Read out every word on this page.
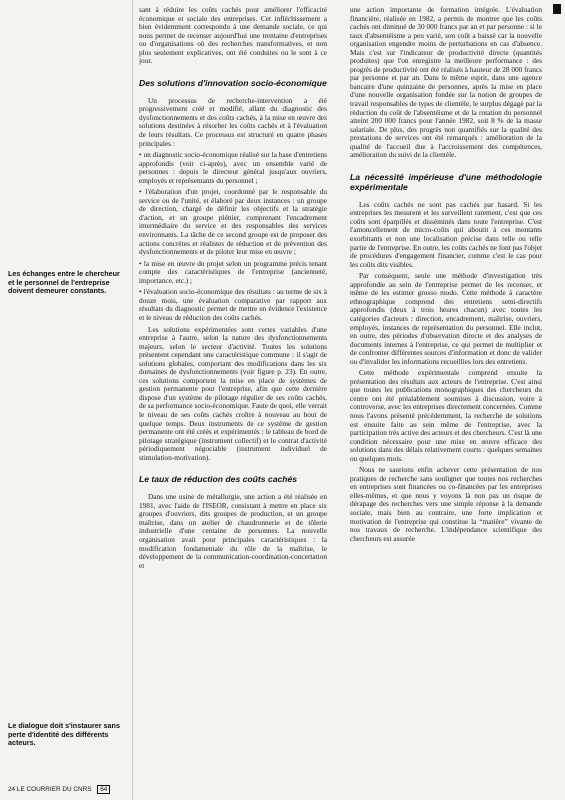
Les échanges entre le chercheur et le personnel de l'entreprise doivent demeurer constants.

Le dialogue doit s'instaurer sans perte d'identité des différents acteurs.

sant à réduire les coûts cachés pour améliorer l'efficacité économique et sociale des entreprises. Cet infléchissement a bien évidemment correspondu à une demande sociale, ce qui nous permet de recenser aujourd'hui une trentaine d'entreprises ou d'organisations où des recherches transformatives, et non plus seulement explicatives, ont été conduites ou le sont à ce jour.

Des solutions d'innovation socio-économique

Un processus de recherche-intervention a été progressivement créé et modifié, allant du diagnostic des dysfonctionnements et des coûts cachés, à la mise en œuvre des solutions destinées à résorber les coûts cachés et à l'évaluation de leurs résultats. Ce processus est structuré en quatre phases principales :

• un diagnostic socio-économique réalisé sur la base d'entretiens approfondis (voir ci-après), avec un ensemble varié de personnes : depuis le directeur général jusqu'aux ouvriers, employés et représentants du personnel ;

• l'élaboration d'un projet, coordonné par le responsable du service ou de l'unité, et élaboré par deux instances : un groupe de direction, chargé de définir les objectifs et la stratégie d'action, et un groupe plénier, comprenant l'encadrement intermédiaire du service et des responsables des services environnants. La tâche de ce second groupe est de proposer des actions concrètes et réalistes de réduction et de prévention des dysfonctionnements et de piloter leur mise en œuvre ;

• la mise en œuvre du projet selon un programme précis tenant compte des caractéristiques de l'entreprise (ancienneté, importance, etc.) ;

• l'évaluation socio-économique des résultats : au terme de six à douze mois, une évaluation comparative par rapport aux résultats du diagnostic permet de mettre en évidence l'existence et le niveau de réduction des coûts cachés.

Les solutions expérimentées sont certes variables d'une entreprise à l'autre, selon la nature des dysfonctionnements majeurs, selon le secteur d'activité. Toutes les solutions présentent cependant une caractéristique commune : il s'agit de solutions globales, comportant des modifications dans les six domaines de dysfonctionnements (voir figure p. 23). En outre, ces solutions comportent la mise en place de systèmes de gestion permanente pour l'entreprise, afin que cette dernière dispose d'un système de pilotage régulier de ses coûts cachés, de sa performance socio-économique. Faute de quoi, elle verrait le niveau de ses coûts cachés croître à nouveau au bout de quelque temps. Deux instruments de ce système de gestion permanente ont été créés et expérimentés : le tableau de bord de pilotage stratégique (instrument collectif) et le contrat d'activité périodiquement négociable (instrument individuel de stimulation-motivation).

Le taux de réduction des coûts cachés

Dans une usine de métallurgie, une action a été réalisée en 1981, avec l'aide de l'ISEOR, consistant à mettre en place six groupes d'ouvriers, dits groupes de production, et un groupe maîtrise, dans un atelier de chaudronnerie et de tôlerie industrielle d'une centaine de personnes. La nouvelle organisation avait pour principales caractéristiques : la modification fondamentale du rôle de la maîtrise, le développement de la communication-coordination-concertation et

une action importante de formation intégrée. L'évaluation financière, réalisée en 1982, a permis de montrer que les coûts cachés ont diminué de 30 000 francs par an et par personne : si le taux d'absentéisme a peu varié, son coût a baissé car la nouvelle organisation engendre moins de perturbations en cas d'absence. Mais c'est sur l'indicateur de productivité directe (quantités produites) que l'on enregistre la meilleure performance : des progrès de productivité ont été réalisés à hauteur de 28 000 francs par personne et par an. Dans le même esprit, dans une agence bancaire d'une quinzaine de personnes, après la mise en place d'une nouvelle organisation fondée sur la notion de groupes de travail responsables de types de clientèle, le surplus dégagé par la réduction du coût de l'absentéisme et de la rotation du personnel atteint 200 000 francs pour l'année 1982, soit 8 % de la masse salariale. De plus, des progrès non quantifiés sur la qualité des prestations de services ont été remarqués : amélioration de la qualité de l'accueil due à l'accroissement des compétences, amélioration du suivi de la clientèle.

La nécessité impérieuse d'une méthodologie expérimentale

Les coûts cachés ne sont pas cachés par hasard. Si les entreprises les mesurent et les surveillent rarement, c'est que ces coûts sont éparpillés et disséminés dans toute l'entreprise. C'est l'amoncellement de micro-coûts qui aboutit à ces montants exorbitants et non une localisation précise dans telle ou telle partie de l'entreprise. En outre, les coûts cachés ne font pas l'objet de procédures d'engagement financier, comme c'est le cas pour les coûts dits visibles.

Par conséquent, seule une méthode d'investigation très approfondie au sein de l'entreprise permet de les recenser, et même de les estimer grosso modo. Cette méthode à caractère ethnographique comprend des entretiens semi-directifs approfondis (deux à trois heures chacun) avec toutes les catégories d'acteurs : direction, encadrement, maîtrise, ouvriers, employés, instances de représentation du personnel. Elle inclut, en outre, des périodes d'observation directe et des analyses de documents internes à l'entreprise, ce qui permet de multiplier et de confronter différentes sources d'information et donc de valider ou d'invalider les informations recueillies lors des entretiens.

Cette méthode expérimentale comprend ensuite la présentation des résultats aux acteurs de l'entreprise. C'est ainsi que toutes les publications monographiques des chercheurs du centre ont été préalablement soumises à discussion, voire à controverse, avec les entreprises directement concernées. Comme nous l'avons présenté précédemment, la recherche de solutions est ensuite faite au sein même de l'entreprise, avec la participation très active des acteurs et des chercheurs. C'est là une condition nécessaire pour une mise en œuvre efficace des solutions dans des délais relativement courts : quelques semaines ou quelques mois.

Nous ne saurions enfin achever cette présentation de nos pratiques de recherche sans souligner que toutes nos recherches en entreprises sont financées ou co-financées par les entreprises elles-mêmes, et que nous y voyons là non pas un risque de dérapage des recherches vers une simple réponse à la demande sociale, mais bien au contraire, une forte implication et motivation de l'entreprise qui constitue la “matière” vivante de nos travaux de recherche. L'indépendance scientifique des chercheurs est assurée

24 LE COURRIER DU CNRS 64
